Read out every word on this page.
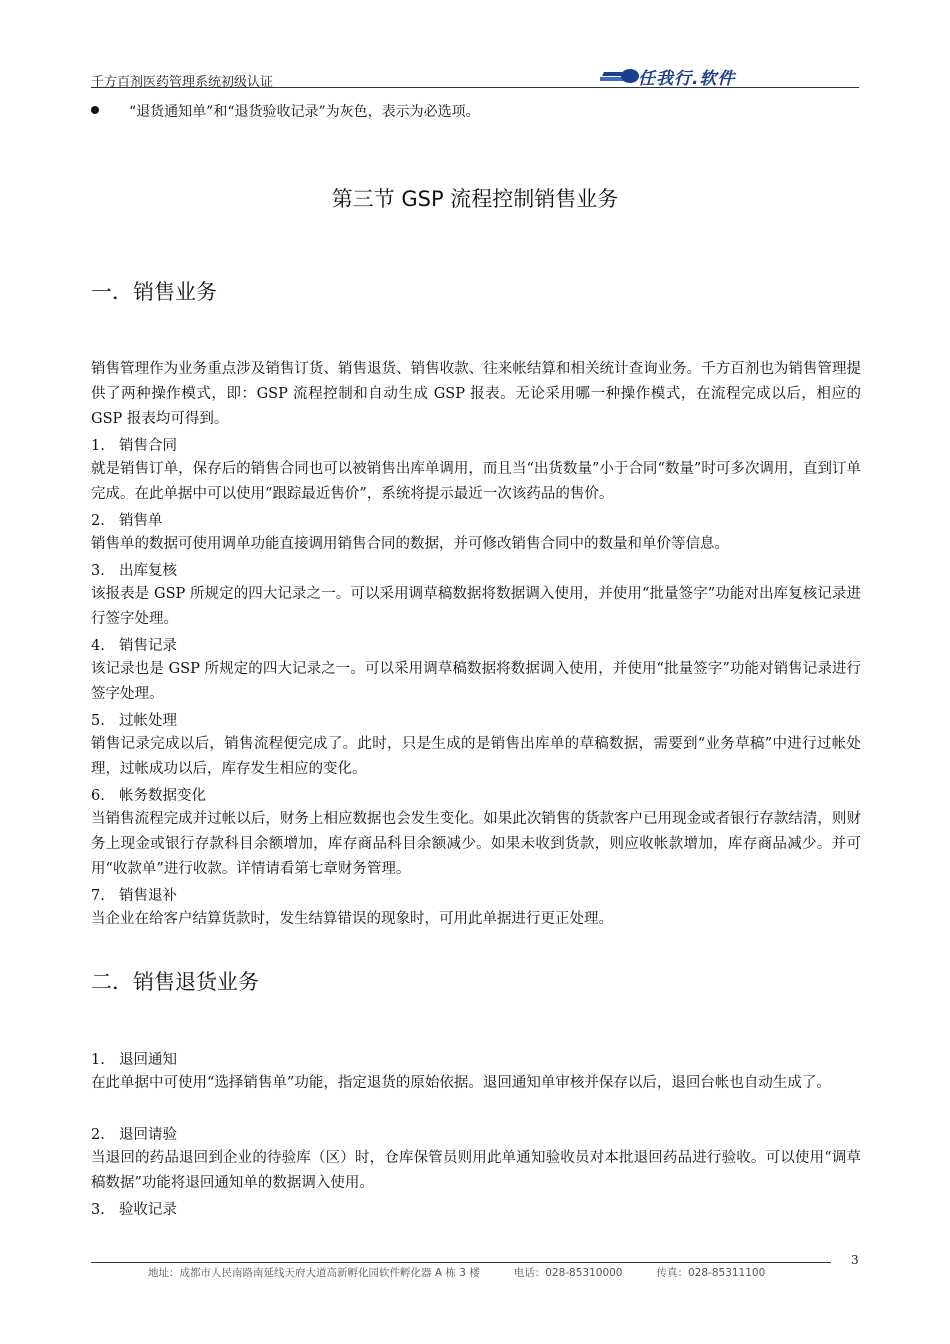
千方百剂医药管理系统初级认证	任我行.软件
“退货通知单”和“退货验收记录”为灰色，表示为必选项。
第三节 GSP 流程控制销售业务
一．销售业务
销售管理作为业务重点涉及销售订货、销售退货、销售收款、往来帐结算和相关统计查询业务。千方百剂也为销售管理提供了两种操作模式，即：GSP 流程控制和自动生成 GSP 报表。无论采用哪一种操作模式，在流程完成以后，相应的 GSP 报表均可得到。
1. 销售合同
就是销售订单，保存后的销售合同也可以被销售出库单调用，而且当“出货数量”小于合同“数量”时可多次调用，直到订单完成。在此单据中可以使用“跟踪最近售价”，系统将提示最近一次该药品的售价。
2. 销售单
销售单的数据可使用调单功能直接调用销售合同的数据，并可修改销售合同中的数量和单价等信息。
3. 出库复核
该报表是 GSP 所规定的四大记录之一。可以采用调草稿数据将数据调入使用，并使用“批量签字”功能对出库复核记录进行签字处理。
4. 销售记录
该记录也是 GSP 所规定的四大记录之一。可以采用调草稿数据将数据调入使用，并使用“批量签字”功能对销售记录进行签字处理。
5. 过帐处理
销售记录完成以后，销售流程便完成了。此时，只是生成的是销售出库单的草稿数据，需要到“业务草稿”中进行过帐处理，过帐成功以后，库存发生相应的变化。
6. 帐务数据变化
当销售流程完成并过帐以后，财务上相应数据也会发生变化。如果此次销售的货款客户已用现金或者银行存款结清，则财务上现金或银行存款科目余额增加，库存商品科目余额减少。如果未收到货款，则应收帐款增加，库存商品减少。并可用“收款单”进行收款。详情请看第七章财务管理。
7. 销售退补
当企业在给客户结算货款时，发生结算错误的现象时，可用此单据进行更正处理。
二．销售退货业务
1. 退回通知
在此单据中可使用“选择销售单”功能，指定退货的原始依据。退回通知单审核并保存以后，退回台帐也自动生成了。
2. 退回请验
当退回的药品退回到企业的待验库（区）时，仓库保管员则用此单通知验收员对本批退回药品进行验收。可以使用“调草稿数据”功能将退回通知单的数据调入使用。
3. 验收记录
3
地址：成都市人民南路南延线天府大道高新孵化园软件孵化器 A 栋 3 楼	电话：028-85310000	传真：028-85311100
